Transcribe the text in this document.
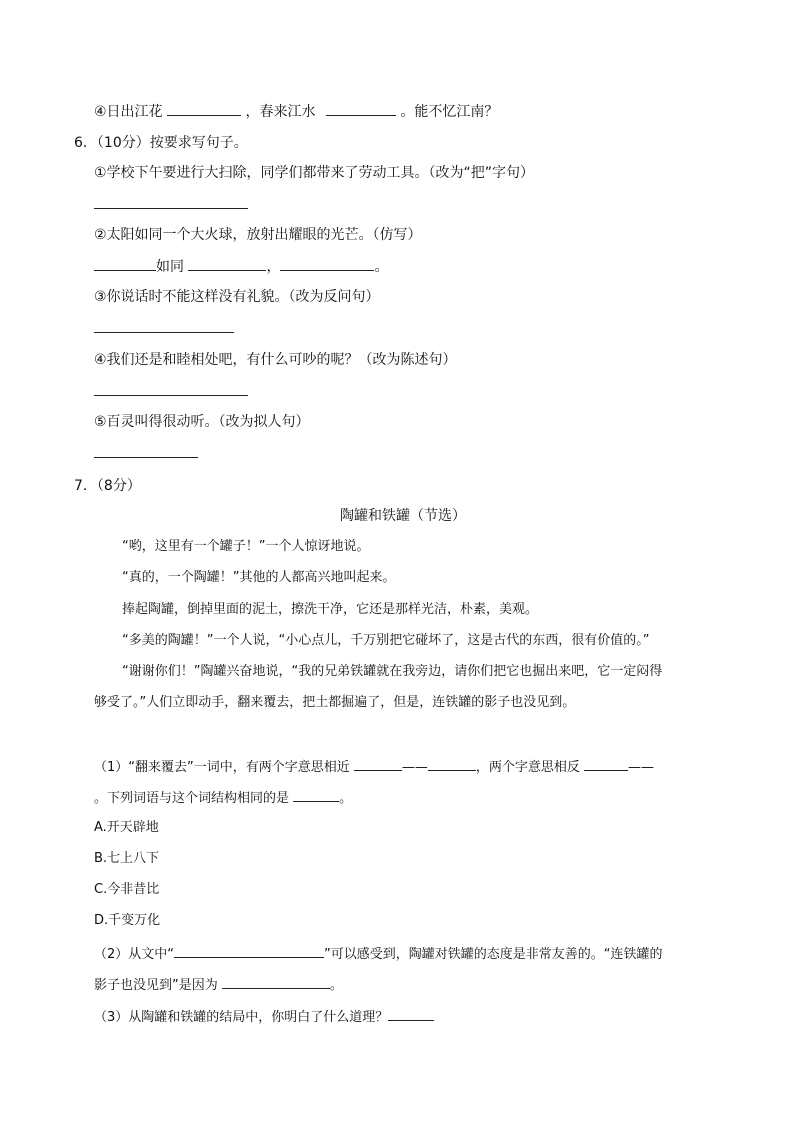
④日出江花	，春来江水	。能不忆江南？
6．（10分）按要求写句子。
①学校下午要进行大扫除，同学们都带来了劳动工具。（改为“把”字句）
②太阳如同一个大火球，放射出耀眼的光芒。（仿写）
如同	，	。
③你说话时不能这样没有礼貌。（改为反问句）
④我们还是和睦相处吧，有什么可吵的呢？（改为陈述句）
⑤百灵叫得很动听。（改为拟人句）
7．（8分）
陶罐和铁罐（节选）
“哟，这里有一个罐子！”一个人惊讶地说。
“真的，一个陶罐！”其他的人都高兴地叫起来。
捧起陶罐，倒掉里面的泥土，擦洗干净，它还是那样光洁，朴素，美观。
“多美的陶罐！”一个人说，“小心点儿，千万别把它碰坏了，这是古代的东西，很有价值的。”
“谢谢你们！”陶罐兴奋地说，“我的兄弟铁罐就在我旁边，请你们把它也掘出来吧，它一定闷得
够受了。”人们立即动手，翻来覆去，把土都掘遍了，但是，连铁罐的影子也没见到。
（1）“翻来覆去”一词中，有两个字意思相近	——	，两个字意思相反	——
。下列词语与这个词结构相同的是	。
A.开天辟地
B.七上八下
C.今非昔比
D.千变万化
（2）从文中“	”可以感受到，陶罐对铁罐的态度是非常友善的。“连铁罐的
影子也没见到”是因为	。
（3）从陶罐和铁罐的结局中，你明白了什么道理？
